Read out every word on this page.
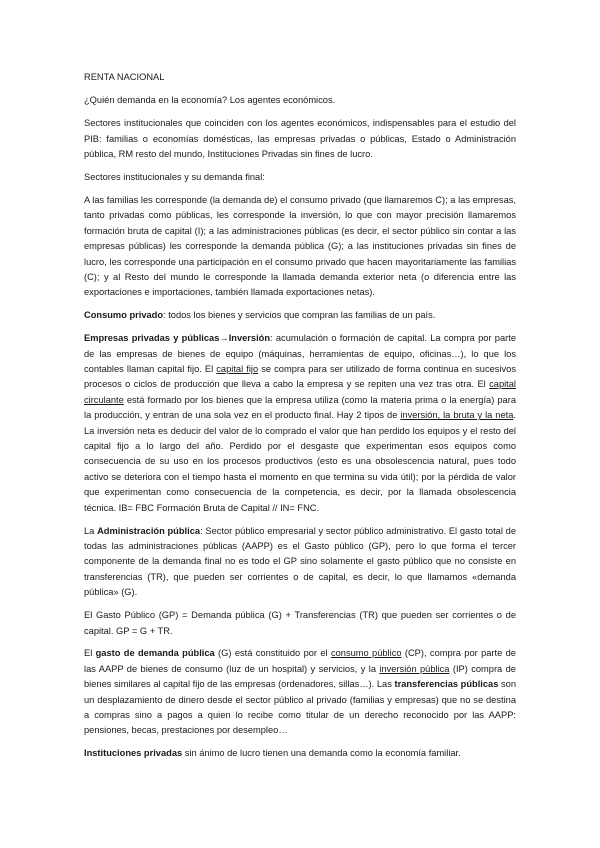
RENTA NACIONAL

¿Quién demanda en la economía? Los agentes económicos.

Sectores institucionales que coinciden con los agentes económicos, indispensables para el estudio del PIB: familias o economías domésticas, las empresas privadas o públicas, Estado o Administración pública, RM resto del mundo, Instituciones Privadas sin fines de lucro.

Sectores institucionales y su demanda final:

A las familias les corresponde (la demanda de) el consumo privado (que llamaremos C); a las empresas, tanto privadas como públicas, les corresponde la inversión, lo que con mayor precisión llamaremos formación bruta de capital (I); a las administraciones públicas (es decir, el sector público sin contar a las empresas públicas) les corresponde la demanda pública (G); a las instituciones privadas sin fines de lucro, les corresponde una participación en el consumo privado que hacen mayoritariamente las familias (C); y al Resto del mundo le corresponde la llamada demanda exterior neta (o diferencia entre las exportaciones e importaciones, también llamada exportaciones netas).

Consumo privado: todos los bienes y servicios que compran las familias de un país.

Empresas privadas y públicas→Inversión: acumulación o formación de capital. La compra por parte de las empresas de bienes de equipo (máquinas, herramientas de equipo, oficinas…), lo que los contables llaman capital fijo. El capital fijo se compra para ser utilizado de forma continua en sucesivos procesos o ciclos de producción que lleva a cabo la empresa y se repiten una vez tras otra. El capital circulante está formado por los bienes que la empresa utiliza (como la materia prima o la energía) para la producción, y entran de una sola vez en el producto final. Hay 2 tipos de inversión, la bruta y la neta. La inversión neta es deducir del valor de lo comprado el valor que han perdido los equipos y el resto del capital fijo a lo largo del año. Perdido por el desgaste que experimentan esos equipos como consecuencia de su uso en los procesos productivos (esto es una obsolescencia natural, pues todo activo se deteriora con el tiempo hasta el momento en que termina su vida útil); por la pérdida de valor que experimentan como consecuencia de la competencia, es decir, por la llamada obsolescencia técnica. IB= FBC Formación Bruta de Capital // IN= FNC.

La Administración pública: Sector público empresarial y sector público administrativo. El gasto total de todas las administraciones públicas (AAPP) es el Gasto público (GP), pero lo que forma el tercer componente de la demanda final no es todo el GP sino solamente el gasto público que no consiste en transferencias (TR), que pueden ser corrientes o de capital, es decir, lo que llamamos «demanda pública» (G).

El Gasto Público (GP) = Demanda pública (G) + Transferencias (TR) que pueden ser corrientes o de capital. GP = G + TR.

El gasto de demanda pública (G) está constituido por el consumo público (CP), compra por parte de las AAPP de bienes de consumo (luz de un hospital) y servicios, y la inversión pública (IP) compra de bienes similares al capital fijo de las empresas (ordenadores, sillas…). Las transferencias públicas son un desplazamiento de dinero desde el sector público al privado (familias y empresas) que no se destina a compras sino a pagos a quien lo recibe como titular de un derecho reconocido por las AAPP: pensiones, becas, prestaciones por desempleo…

Instituciones privadas sin ánimo de lucro tienen una demanda como la economía familiar.
